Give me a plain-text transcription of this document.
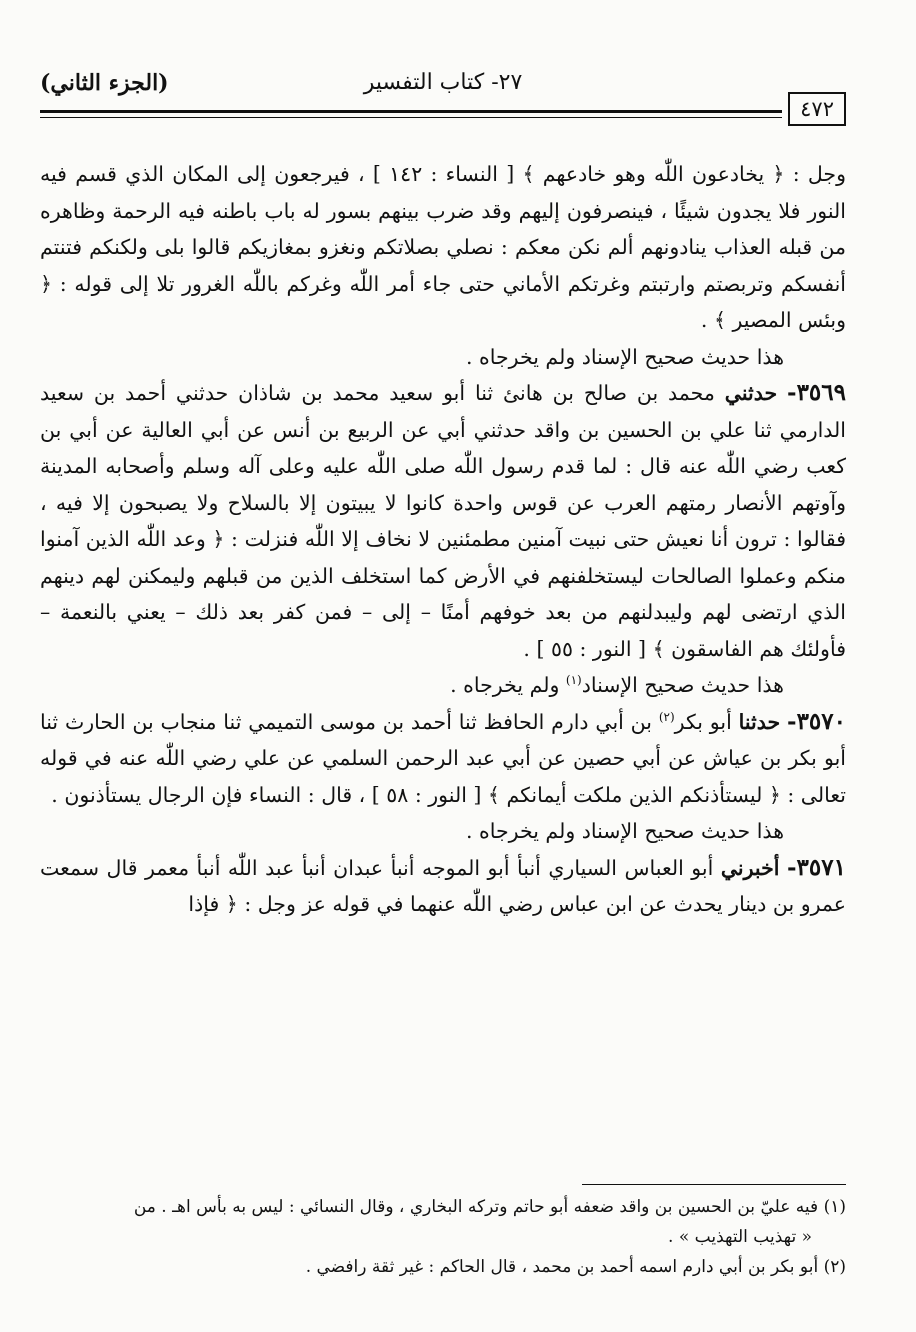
٤٧٢
٢٧- كتاب التفسير
(الجزء الثاني)

وجل : ﴿ يخادعون اللّٰه وهو خادعهم ﴾ [ النساء : ١٤٢ ] ، فيرجعون إلى المكان الذي قسم فيه النور فلا يجدون شيئًا ، فينصرفون إليهم وقد ضرب بينهم بسور له باب باطنه فيه الرحمة وظاهره من قبله العذاب ينادونهم ألم نكن معكم : نصلي بصلاتكم ونغزو بمغازيكم قالوا بلى ولكنكم فتنتم أنفسكم وتربصتم وارتبتم وغرتكم الأماني حتى جاء أمر اللّٰه وغركم باللّٰه الغرور تلا إلى قوله : ﴿ وبئس المصير ﴾ .

هذا حديث صحيح الإسناد ولم يخرجاه .

٣٥٦٩- حدثني محمد بن صالح بن هانئ ثنا أبو سعيد محمد بن شاذان حدثني أحمد بن سعيد الدارمي ثنا علي بن الحسين بن واقد حدثني أبي عن الربيع بن أنس عن أبي العالية عن أبي بن كعب رضي اللّٰه عنه قال : لما قدم رسول اللّٰه صلى اللّٰه عليه وعلى آله وسلم وأصحابه المدينة وآوتهم الأنصار رمتهم العرب عن قوس واحدة كانوا لا يبيتون إلا بالسلاح ولا يصبحون إلا فيه ، فقالوا : ترون أنا نعيش حتى نبيت آمنين مطمئنين لا نخاف إلا اللّٰه فنزلت : ﴿ وعد اللّٰه الذين آمنوا منكم وعملوا الصالحات ليستخلفنهم في الأرض كما استخلف الذين من قبلهم وليمكنن لهم دينهم الذي ارتضى لهم وليبدلنهم من بعد خوفهم أمنًا – إلى – فمن كفر بعد ذلك – يعني بالنعمة – فأولئك هم الفاسقون ﴾ [ النور : ٥٥ ] .

هذا حديث صحيح الإسناد$^{(١)}$ ولم يخرجاه .

٣٥٧٠- حدثنا أبو بكر$^{(٢)}$ بن أبي دارم الحافظ ثنا أحمد بن موسى التميمي ثنا منجاب بن الحارث ثنا أبو بكر بن عياش عن أبي حصين عن أبي عبد الرحمن السلمي عن علي رضي اللّٰه عنه في قوله تعالى : ﴿ ليستأذنكم الذين ملكت أيمانكم ﴾ [ النور : ٥٨ ] ، قال : النساء فإن الرجال يستأذنون .

هذا حديث صحيح الإسناد ولم يخرجاه .

٣٥٧١- أخبرني أبو العباس السياري أنبأ أبو الموجه أنبأ عبدان أنبأ عبد اللّٰه أنبأ معمر قال سمعت عمرو بن دينار يحدث عن ابن عباس رضي اللّٰه عنهما في قوله عز وجل : ﴿ فإذا

(١) فيه عليّ بن الحسين بن واقد ضعفه أبو حاتم وتركه البخاري ، وقال النسائي : ليس به بأس اهـ . من

« تهذيب التهذيب » .

(٢) أبو بكر بن أبي دارم اسمه أحمد بن محمد ، قال الحاكم : غير ثقة رافضي .
